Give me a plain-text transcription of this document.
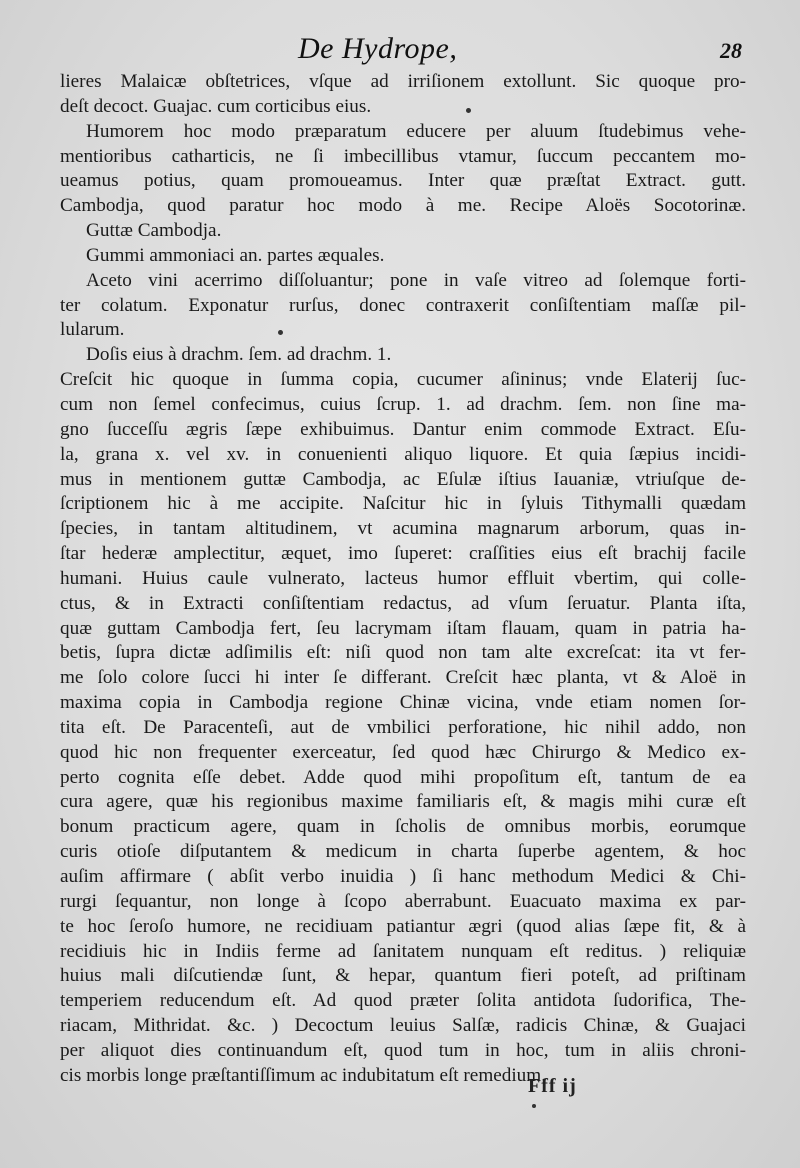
De Hydrope,	28
lieres Malaicæ obſtetrices, vſque ad irriſionem extollunt. Sic quoque pro-
deſt decoct. Guajac. cum corticibus eius.
Humorem hoc modo præparatum educere per aluum ſtudebimus vehe-
mentioribus catharticis, ne ſi imbecillibus vtamur, ſuccum peccantem mo-
ueamus potius, quam promoueamus. Inter quæ præſtat Extract. gutt.
Cambodja, quod paratur hoc modo à me. Recipe Aloës Socotorinæ.
Guttæ Cambodja.
Gummi ammoniaci an. partes æquales.
Aceto vini acerrimo diſſoluantur; pone in vaſe vitreo ad ſolemque forti-
ter colatum. Exponatur rurſus, donec contraxerit conſiſtentiam maſſæ pil-
lularum.
Doſis eius à drachm. ſem. ad drachm. 1.
Creſcit hic quoque in ſumma copia, cucumer aſininus; vnde Elaterij ſuc-
cum non ſemel confecimus, cuius ſcrup. 1. ad drachm. ſem. non ſine ma-
gno ſucceſſu ægris ſæpe exhibuimus. Dantur enim commode Extract. Eſu-
la, grana x. vel xv. in conuenienti aliquo liquore. Et quia ſæpius incidi-
mus in mentionem guttæ Cambodja, ac Eſulæ iſtius Iauaniæ, vtriuſque de-
ſcriptionem hic à me accipite. Naſcitur hic in ſyluis Tithymalli quædam
ſpecies, in tantam altitudinem, vt acumina magnarum arborum, quas in-
ſtar hederæ amplectitur, æquet, imo ſuperet: craſſities eius eſt brachij facile
humani. Huius caule vulnerato, lacteus humor effluit vbertim, qui colle-
ctus, & in Extracti conſiſtentiam redactus, ad vſum ſeruatur. Planta iſta,
quæ guttam Cambodja fert, ſeu lacrymam iſtam flauam, quam in patria ha-
betis, ſupra dictæ adſimilis eſt: niſi quod non tam alte excreſcat: ita vt fer-
me ſolo colore ſucci hi inter ſe differant. Creſcit hæc planta, vt & Aloë in
maxima copia in Cambodja regione Chinæ vicina, vnde etiam nomen ſor-
tita eſt. De Paracenteſi, aut de vmbilici perforatione, hic nihil addo, non
quod hic non frequenter exerceatur, ſed quod hæc Chirurgo & Medico ex-
perto cognita eſſe debet. Adde quod mihi propoſitum eſt, tantum de ea
cura agere, quæ his regionibus maxime familiaris eſt, & magis mihi curæ eſt
bonum practicum agere, quam in ſcholis de omnibus morbis, eorumque
curis otioſe diſputantem & medicum in charta ſuperbe agentem, & hoc
auſim affirmare ( abſit verbo inuidia ) ſi hanc methodum Medici & Chi-
rurgi ſequantur, non longe à ſcopo aberrabunt. Euacuato maxima ex par-
te hoc ſeroſo humore, ne recidiuam patiantur ægri (quod alias ſæpe fit, & à
recidiuis hic in Indiis ferme ad ſanitatem nunquam eſt reditus. ) reliquiæ
huius mali diſcutiendæ ſunt, & hepar, quantum fieri poteſt, ad priſtinam
temperiem reducendum eſt. Ad quod præter ſolita antidota ſudorifica, The-
riacam, Mithridat. &c. ) Decoctum leuius Salſæ, radicis Chinæ, & Guajaci
per aliquot dies continuandum eſt, quod tum in hoc, tum in aliis chroni-
cis morbis longe præſtantiſſimum ac indubitatum eſt remedium.
Fff ij
